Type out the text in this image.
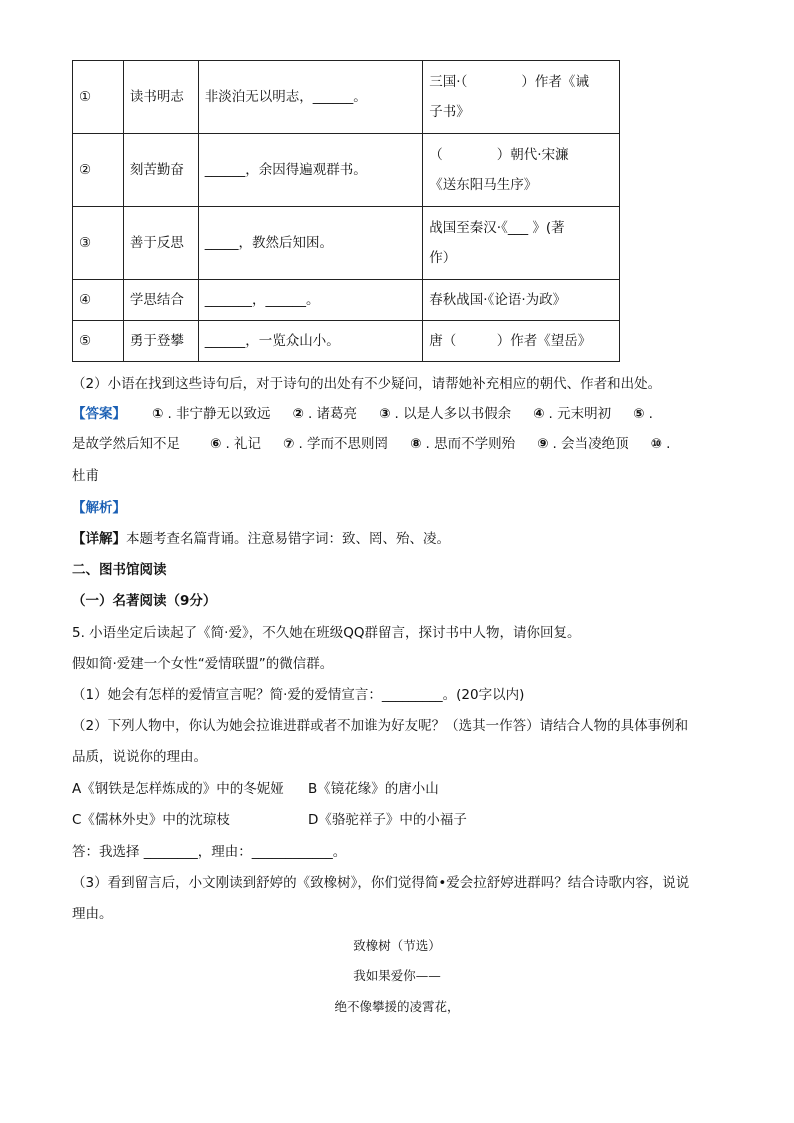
①	读书明志	非淡泊无以明志，______。	三国·（　　　　）作者《诫
子书》

②	刻苦勤奋	______，余因得遍观群书。	（　　　　）朝代·宋濂
《送东阳马生序》

③	善于反思	_____，教然后知困。	战国至秦汉·《___ 》(著
作）

④	学思结合	_______，______。	春秋战国·《论语·为政》
⑤	勇于登攀	______，一览众山小。	唐（　　　）作者《望岳》
（2）小语在找到这些诗句后，对于诗句的出处有不少疑问，请帮她补充相应的朝代、作者和出处。
【答案】 ① . 非宁静无以致远 ② . 诸葛亮 ③ . 以是人多以书假余 ④ . 元末明初 ⑤ .
是故学然后知不足 ⑥ . 礼记 ⑦ . 学而不思则罔 ⑧ . 思而不学则殆 ⑨ . 会当凌绝顶 ⑩ .
杜甫
【解析】
【详解】本题考查名篇背诵。注意易错字词：致、罔、殆、凌。
二、图书馆阅读
（一）名著阅读（9分）
5. 小语坐定后读起了《简·爱》，不久她在班级QQ群留言，探讨书中人物，请你回复。
假如简·爱建一个女性“爱情联盟”的微信群。
（1）她会有怎样的爱情宣言呢？简·爱的爱情宣言：_________。(20字以内)
（2）下列人物中，你认为她会拉谁进群或者不加谁为好友呢？（选其一作答）请结合人物的具体事例和
品质，说说你的理由。
A《钢铁是怎样炼成的》中的冬妮娅	B《镜花缘》的唐小山
C《儒林外史》中的沈琼枝	D《骆驼祥子》中的小福子
答：我选择 ________，理由：____________。
（3）看到留言后，小文刚读到舒婷的《致橡树》，你们觉得简•爱会拉舒婷进群吗？结合诗歌内容，说说
理由。
致橡树（节选）
我如果爱你——
绝不像攀援的凌霄花，
